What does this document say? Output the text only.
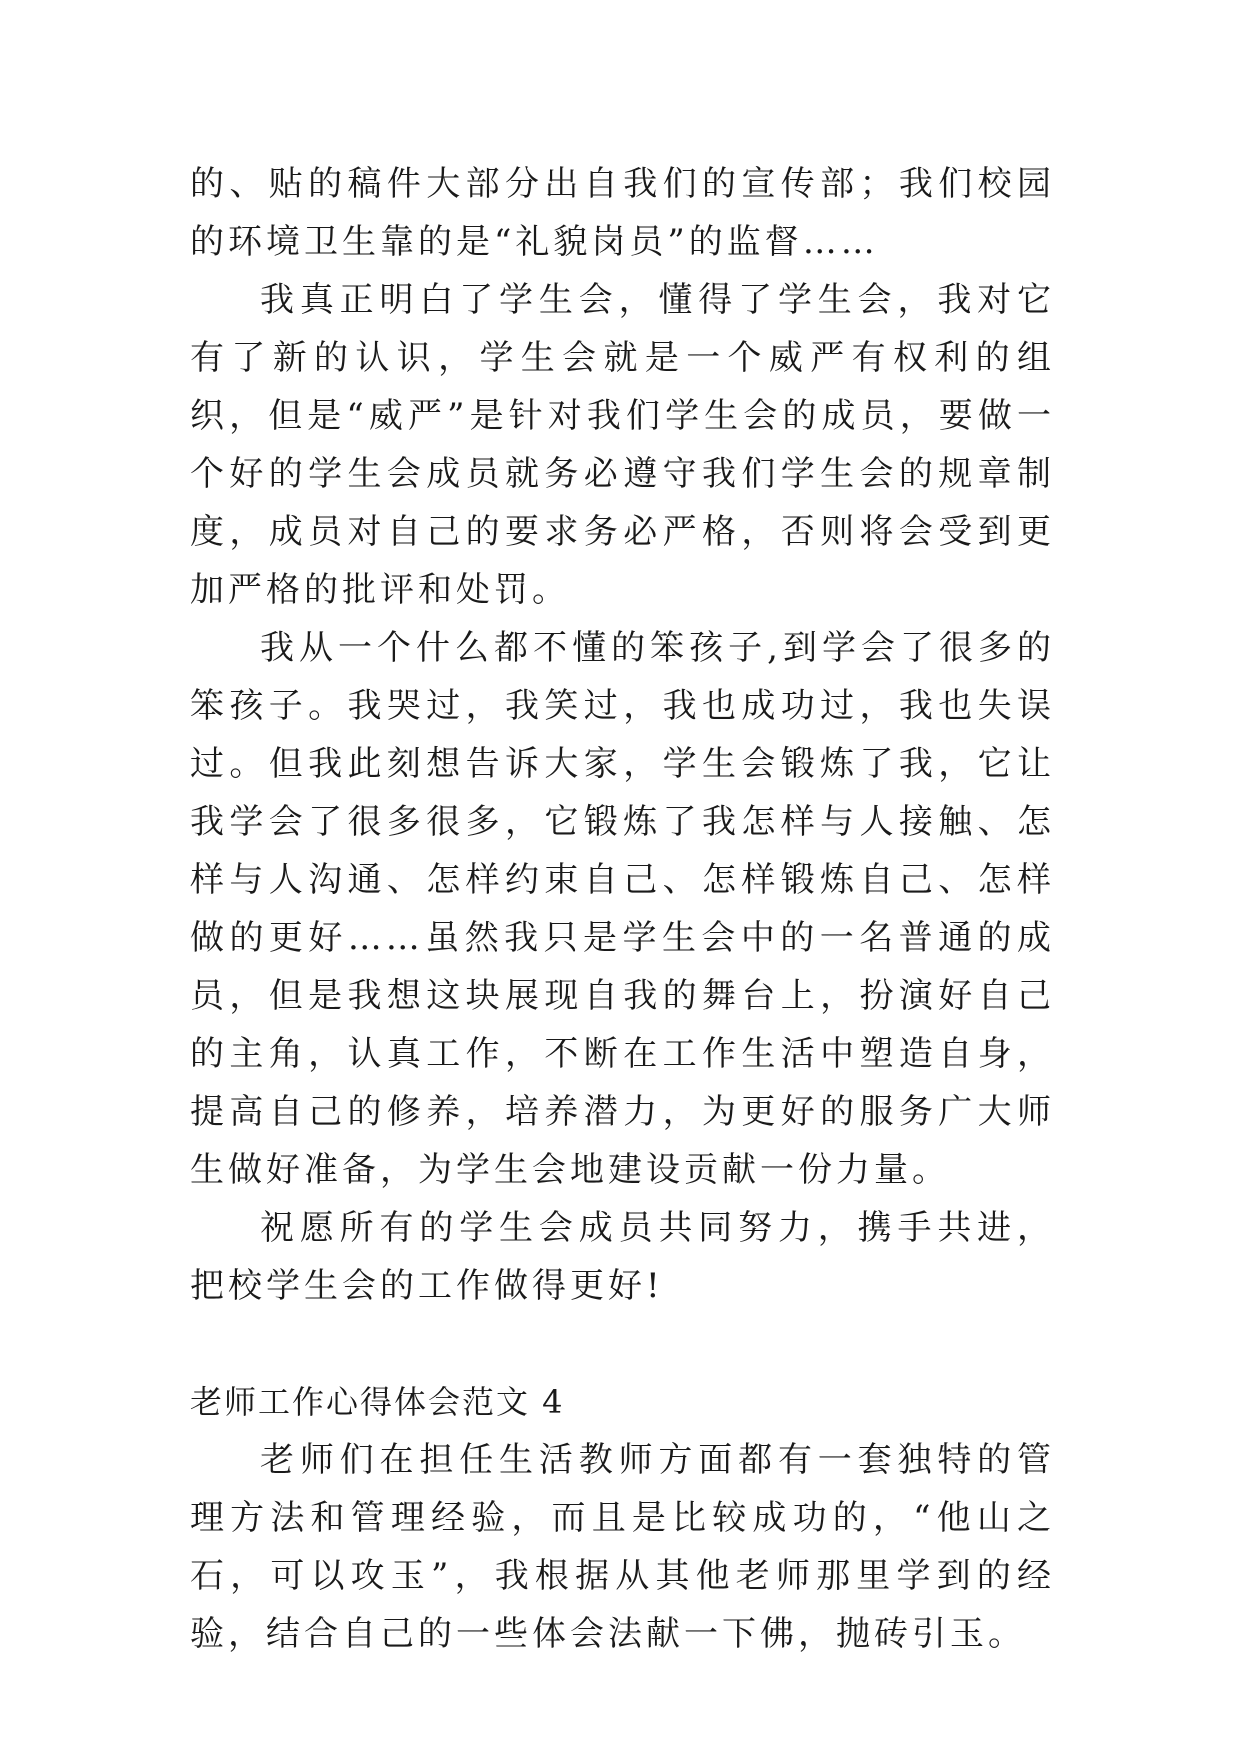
的、贴的稿件大部分出自我们的宣传部；我们校园的环境卫生靠的是“礼貌岗员”的监督……

我真正明白了学生会，懂得了学生会，我对它有了新的认识，学生会就是一个威严有权利的组织，但是“威严”是针对我们学生会的成员，要做一个好的学生会成员就务必遵守我们学生会的规章制度，成员对自己的要求务必严格，否则将会受到更加严格的批评和处罚。

我从一个什么都不懂的笨孩子,到学会了很多的笨孩子。我哭过，我笑过，我也成功过，我也失误过。但我此刻想告诉大家，学生会锻炼了我，它让我学会了很多很多，它锻炼了我怎样与人接触、怎样与人沟通、怎样约束自己、怎样锻炼自己、怎样做的更好……虽然我只是学生会中的一名普通的成员，但是我想这块展现自我的舞台上，扮演好自己的主角，认真工作，不断在工作生活中塑造自身，提高自己的修养，培养潜力，为更好的服务广大师生做好准备，为学生会地建设贡献一份力量。

祝愿所有的学生会成员共同努力，携手共进，把校学生会的工作做得更好!

老师工作心得体会范文 4

老师们在担任生活教师方面都有一套独特的管理方法和管理经验，而且是比较成功的，“他山之石，可以攻玉”，我根据从其他老师那里学到的经验，结合自己的一些体会法献一下佛，抛砖引玉。
